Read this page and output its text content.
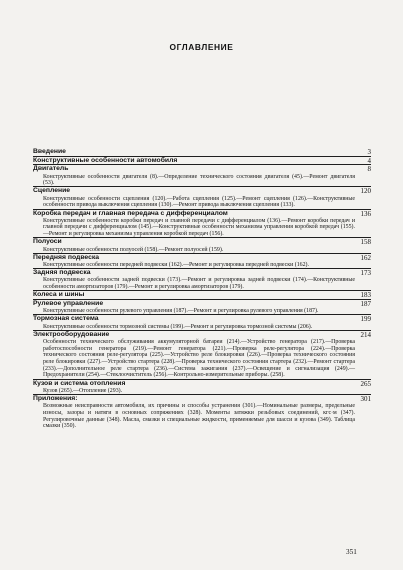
ОГЛАВЛЕНИЕ
Введение	3
Конструктивные особенности автомобиля	4
Двигатель	8
Конструктивные особенности двигателя (8).—Определение технического состояния двигателя (45).—Ремонт двигателя (53).
Сцепление	120
Конструктивные особенности сцепления (120).—Работа сцепления (125).—Ремонт сцепления (126).—Конструктивные особенности привода выключения сцепления (130).—Ремонт привода выключения сцепления (133).
Коробка передач и главная передача с дифференциалом	136
Конструктивные особенности коробки передач и главной передачи с дифференциалом (136).—Ремонт коробки передач и главной передачи с дифференциалом (145).—Конструктивные особенности механизма управления коробкой передач (155).—Ремонт и регулировка механизма управления коробкой передач (156).
Полуоси	158
Конструктивные особенности полуосей (158).—Ремонт полуосей (159).
Передняя подвеска	162
Конструктивные особенности передней подвески (162).—Ремонт и регулировка передней подвески (162).
Задняя подвеска	173
Конструктивные особенности задней подвески (173).—Ремонт и регулировка задней подвески (174).—Конструктивные особенности амортизаторов (179).—Ремонт и регулировка амортизаторов (179).
Колеса и шины	183
Рулевое управление	187
Конструктивные особенности рулевого управления (187).—Ремонт и регулировка рулевого управления (187).
Тормозная система	199
Конструктивные особенности тормозной системы (199).—Ремонт и регулировка тормозной системы (206).
Электрооборудование	214
Особенности технического обслуживания аккумуляторной батареи (214).—Устройство генератора (217).—Проверка работоспособности генератора (219).—Ремонт генератора (221).—Проверка реле-регулятора (224).—Проверка технического состояния реле-регулятора (225).—Устройство реле блокировки (226).—Проверка технического состояния реле блокировки (227).—Устройство стартера (228).—Проверка технического состояния стартера (232).—Ремонт стартера (233).—Дополнительное реле стартера (236).—Система зажигания (237).—Освещение и сигнализация (249).—Предохранители (254).—Стеклоочиститель (256).—Контрольно-измерительные приборы. (258).
Кузов и система отопления	265
Кузов (265).—Отопление (293).
Приложения:	301
Возможные неисправности автомобиля, их причины и способы устранения (301).—Номинальные размеры, предельные износы, зазоры и натяги в основных сопряжениях (328). Моменты затяжки резьбовых соединений, кгс·м (347). Регулировочные данные (348). Масла, смазки и специальные жидкости, применяемые для шасси и кузова (349). Таблица смазки (350).
351
